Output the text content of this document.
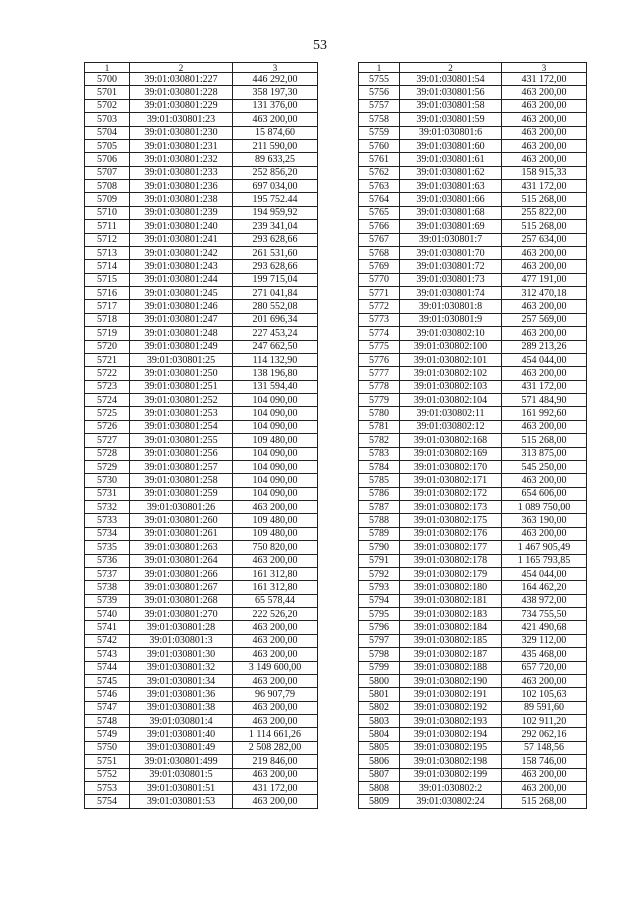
53
1	2	3
5700	39:01:030801:227	446 292,00
5701	39:01:030801:228	358 197,30
5702	39:01:030801:229	131 376,00
5703	39:01:030801:23	463 200,00
5704	39:01:030801:230	15 874,60
5705	39:01:030801:231	211 590,00
5706	39:01:030801:232	89 633,25
5707	39:01:030801:233	252 856,20
5708	39:01:030801:236	697 034,00
5709	39:01:030801:238	195 752.44
5710	39:01:030801:239	194 959,92
5711	39:01:030801:240	239 341,04
5712	39:01:030801:241	293 628,66
5713	39:01:030801:242	261 531,60
5714	39:01:030801:243	293 628,66
5715	39:01:030801:244	199 715,04
5716	39:01:030801:245	271 041,84
5717	39:01:030801:246	280 552,08
5718	39:01:030801:247	201 696,34
5719	39:01:030801:248	227 453,24
5720	39:01:030801:249	247 662,50
5721	39:01:030801:25	114 132,90
5722	39:01:030801:250	138 196,80
5723	39:01:030801:251	131 594,40
5724	39:01:030801:252	104 090,00
5725	39:01:030801:253	104 090,00
5726	39:01:030801:254	104 090,00
5727	39:01:030801:255	109 480,00
5728	39:01:030801:256	104 090,00
5729	39:01:030801:257	104 090,00
5730	39:01:030801:258	104 090,00
5731	39:01:030801:259	104 090,00
5732	39:01:030801:26	463 200,00
5733	39:01:030801:260	109 480,00
5734	39:01:030801:261	109 480,00
5735	39:01:030801:263	750 820,00
5736	39:01:030801:264	463 200,00
5737	39:01:030801:266	161 312,80
5738	39:01:030801:267	161 312,80
5739	39:01:030801:268	65 578,44
5740	39:01:030801:270	222 526,20
5741	39:01:030801:28	463 200,00
5742	39:01:030801:3	463 200,00
5743	39:01:030801:30	463 200,00
5744	39:01:030801:32	3 149 600,00
5745	39:01:030801:34	463 200,00
5746	39:01:030801:36	96 907,79
5747	39:01:030801:38	463 200,00
5748	39:01:030801:4	463 200,00
5749	39:01:030801:40	1 114 661,26
5750	39:01:030801:49	2 508 282,00
5751	39:01:030801:499	219 846,00
5752	39:01:030801:5	463 200,00
5753	39:01:030801:51	431 172,00
5754	39:01:030801:53	463 200,00
1	2	3
5755	39:01:030801:54	431 172,00
5756	39:01:030801:56	463 200,00
5757	39:01:030801:58	463 200,00
5758	39:01:030801:59	463 200,00
5759	39:01:030801:6	463 200,00
5760	39:01:030801:60	463 200,00
5761	39:01:030801:61	463 200,00
5762	39:01:030801:62	158 915,33
5763	39:01:030801:63	431 172,00
5764	39:01:030801:66	515 268,00
5765	39:01:030801:68	255 822,00
5766	39:01:030801:69	515 268,00
5767	39:01:030801:7	257 634,00
5768	39:01:030801:70	463 200,00
5769	39:01:030801:72	463 200,00
5770	39:01:030801:73	477 191,00
5771	39:01:030801:74	312 470,18
5772	39:01:030801:8	463 200,00
5773	39:01:030801:9	257 569,00
5774	39:01:030802:10	463 200,00
5775	39:01:030802:100	289 213,26
5776	39:01:030802:101	454 044,00
5777	39:01:030802:102	463 200,00
5778	39:01:030802:103	431 172,00
5779	39:01:030802:104	571 484,90
5780	39:01:030802:11	161 992,60
5781	39:01:030802:12	463 200,00
5782	39:01:030802:168	515 268,00
5783	39:01:030802:169	313 875,00
5784	39:01:030802:170	545 250,00
5785	39:01:030802:171	463 200,00
5786	39:01:030802:172	654 606,00
5787	39:01:030802:173	1 089 750,00
5788	39:01:030802:175	363 190,00
5789	39:01:030802:176	463 200,00
5790	39:01:030802:177	1 467 905,49
5791	39:01:030802:178	1 165 793,85
5792	39:01:030802:179	454 044,00
5793	39:01:030802:180	164 462,20
5794	39:01:030802:181	438 972,00
5795	39:01:030802:183	734 755,50
5796	39:01:030802:184	421 490,68
5797	39:01:030802:185	329 112,00
5798	39:01:030802:187	435 468,00
5799	39:01:030802:188	657 720,00
5800	39:01:030802:190	463 200,00
5801	39:01:030802:191	102 105,63
5802	39:01:030802:192	89 591,60
5803	39:01:030802:193	102 911,20
5804	39:01:030802:194	292 062,16
5805	39:01:030802:195	57 148,56
5806	39:01:030802:198	158 746,00
5807	39:01:030802:199	463 200,00
5808	39:01:030802:2	463 200,00
5809	39:01:030802:24	515 268,00
